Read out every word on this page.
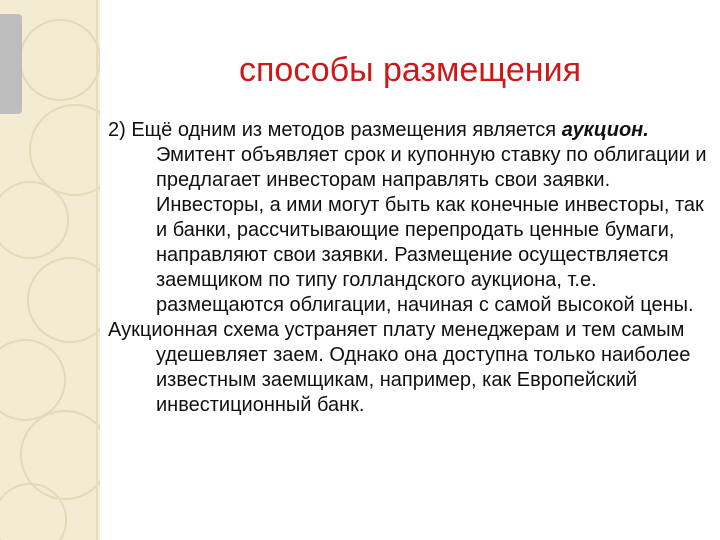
способы размещения

2) Ещё одним из методов размещения является аукцион. Эмитент объявляет срок и купонную ставку по облигации и предлагает инвесторам направлять свои заявки. Инвесторы, а ими могут быть как конечные инвесторы, так и банки, рассчитывающие перепродать ценные бумаги, направляют свои заявки. Размещение осуществляется заемщиком по типу голландского аукциона, т.е. размещаются облигации, начиная с самой высокой цены.

Аукционная схема устраняет плату менеджерам и тем самым удешевляет заем. Однако она доступна только наиболее известным заемщикам, например, как Европейский инвестиционный банк.
